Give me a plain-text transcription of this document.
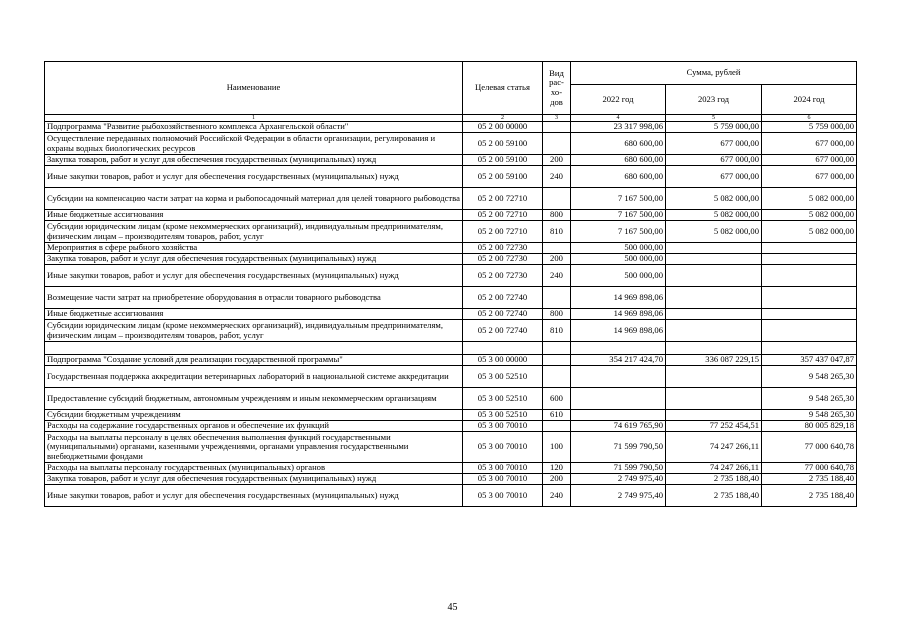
Наименование	Целевая статья	Вид рас-хо-дов	Сумма, рублей		
			2022 год	2023 год	2024 год
1	2	3	4	5	6
Подпрограмма "Развитие рыбохозяйственного комплекса Архангельской области"	05 2 00 00000		23 317 998,06	5 759 000,00	5 759 000,00
Осуществление переданных полномочий Российской Федерации в области организации, регулирования и охраны водных биологических ресурсов	05 2 00 59100		680 600,00	677 000,00	677 000,00
Закупка товаров, работ и услуг для обеспечения государственных (муниципальных) нужд	05 2 00 59100	200	680 600,00	677 000,00	677 000,00
Иные закупки товаров, работ и услуг для обеспечения государственных (муниципальных) нужд	05 2 00 59100	240	680 600,00	677 000,00	677 000,00
Субсидии на компенсацию части затрат на корма и рыбопосадочный материал для целей товарного рыбоводства	05 2 00 72710		7 167 500,00	5 082 000,00	5 082 000,00
Иные бюджетные ассигнования	05 2 00 72710	800	7 167 500,00	5 082 000,00	5 082 000,00
Субсидии юридическим лицам (кроме некоммерческих организаций), индивидуальным предпринимателям, физическим лицам – производителям товаров, работ, услуг	05 2 00 72710	810	7 167 500,00	5 082 000,00	5 082 000,00
Мероприятия в сфере рыбного хозяйства	05 2 00 72730		500 000,00		
Закупка товаров, работ и услуг для обеспечения государственных (муниципальных) нужд	05 2 00 72730	200	500 000,00		
Иные закупки товаров, работ и услуг для обеспечения государственных (муниципальных) нужд	05 2 00 72730	240	500 000,00		
Возмещение части затрат на приобретение оборудования в отрасли товарного рыбоводства	05 2 00 72740		14 969 898,06		
Иные бюджетные ассигнования	05 2 00 72740	800	14 969 898,06		
Субсидии юридическим лицам (кроме некоммерческих организаций), индивидуальным предпринимателям, физическим лицам – производителям товаров, работ, услуг	05 2 00 72740	810	14 969 898,06		

Подпрограмма "Создание условий для реализации государственной программы"	05 3 00 00000		354 217 424,70	336 087 229,15	357 437 047,87
Государственная поддержка аккредитации ветеринарных лабораторий в национальной системе аккредитации	05 3 00 52510				9 548 265,30
Предоставление субсидий бюджетным, автономным учреждениям и иным некоммерческим организациям	05 3 00 52510	600			9 548 265,30
Субсидии бюджетным учреждениям	05 3 00 52510	610			9 548 265,30
Расходы на содержание государственных органов и обеспечение их функций	05 3 00 70010		74 619 765,90	77 252 454,51	80 005 829,18
Расходы на выплаты персоналу в целях обеспечения выполнения функций государственными (муниципальными) органами, казенными учреждениями, органами управления государственными внебюджетными фондами	05 3 00 70010	100	71 599 790,50	74 247 266,11	77 000 640,78
Расходы на выплаты персоналу государственных (муниципальных) органов	05 3 00 70010	120	71 599 790,50	74 247 266,11	77 000 640,78
Закупка товаров, работ и услуг для обеспечения государственных (муниципальных) нужд	05 3 00 70010	200	2 749 975,40	2 735 188,40	2 735 188,40
Иные закупки товаров, работ и услуг для обеспечения государственных (муниципальных) нужд	05 3 00 70010	240	2 749 975,40	2 735 188,40	2 735 188,40
45
